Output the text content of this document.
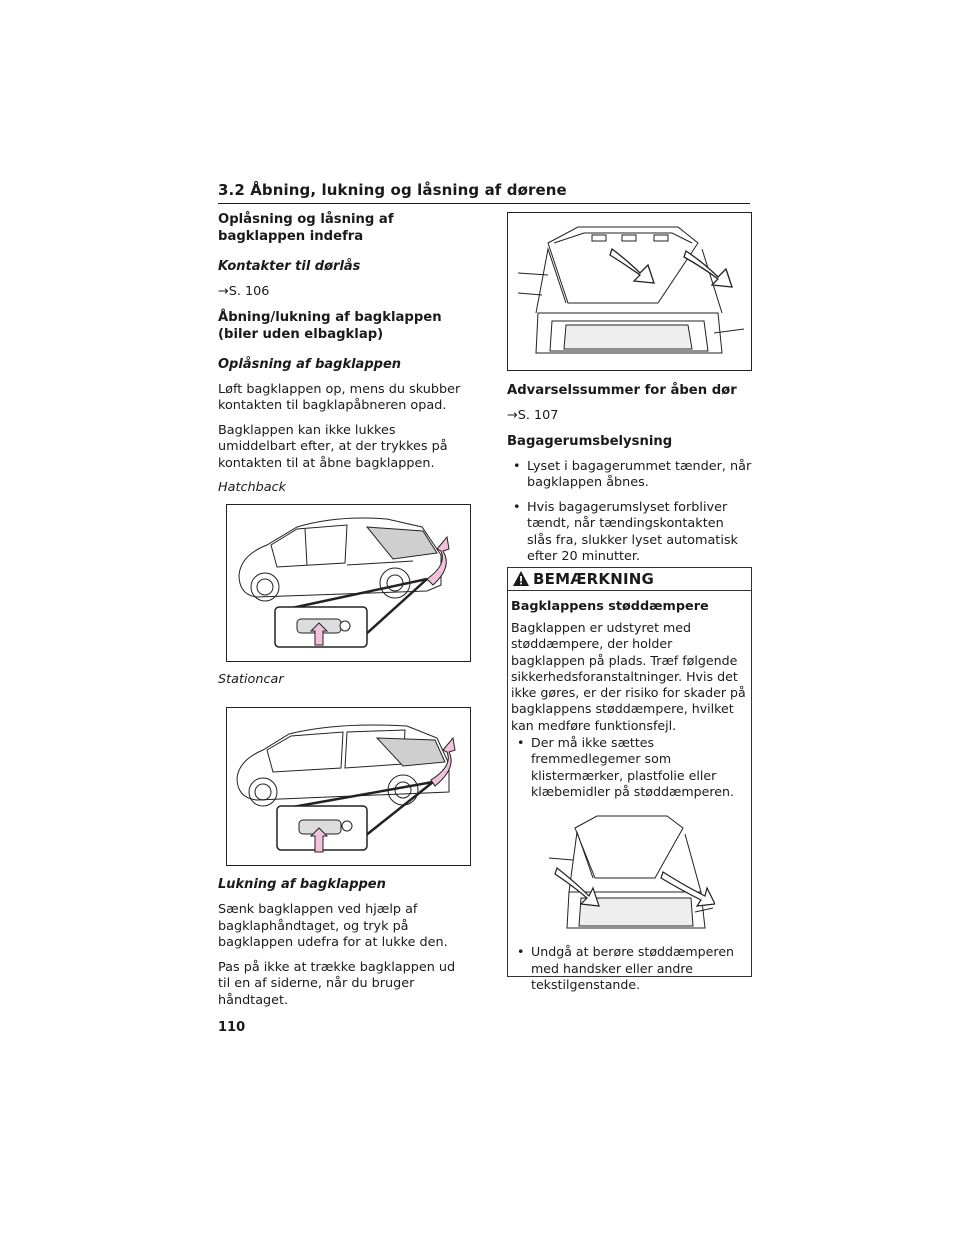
3.2 Åbning, lukning og låsning af dørene

Oplåsning og låsning af bagklappen indefra

Kontakter til dørlås

→S. 106

Åbning/lukning af bagklappen (biler uden elbagklap)

Oplåsning af bagklappen

Løft bagklappen op, mens du skubber kontakten til bagklapåbneren opad.

Bagklappen kan ikke lukkes umiddelbart efter, at der trykkes på kontakten til at åbne bagklappen.

Hatchback

Stationcar

Lukning af bagklappen

Sænk bagklappen ved hjælp af bagklaphåndtaget, og tryk på bagklappen udefra for at lukke den.

Pas på ikke at trække bagklappen ud til en af siderne, når du bruger håndtaget.

Advarselssummer for åben dør

→S. 107

Bagagerumsbelysning

• Lyset i bagagerummet tænder, når bagklappen åbnes.
• Hvis bagagerumslyset forbliver tændt, når tændingskontakten slås fra, slukker lyset automatisk efter 20 minutter.
BEMÆRKNING

Bagklappens støddæmpere

Bagklappen er udstyret med støddæmpere, der holder bagklappen på plads. Træf følgende sikkerhedsforanstaltninger. Hvis det ikke gøres, er der risiko for skader på bagklappens støddæmpere, hvilket kan medføre funktionsfejl.

• Der må ikke sættes fremmedlegemer som klistermærker, plastfolie eller klæbemidler på støddæmperen.
• Undgå at berøre støddæmperen med handsker eller andre tekstilgenstande.
110
